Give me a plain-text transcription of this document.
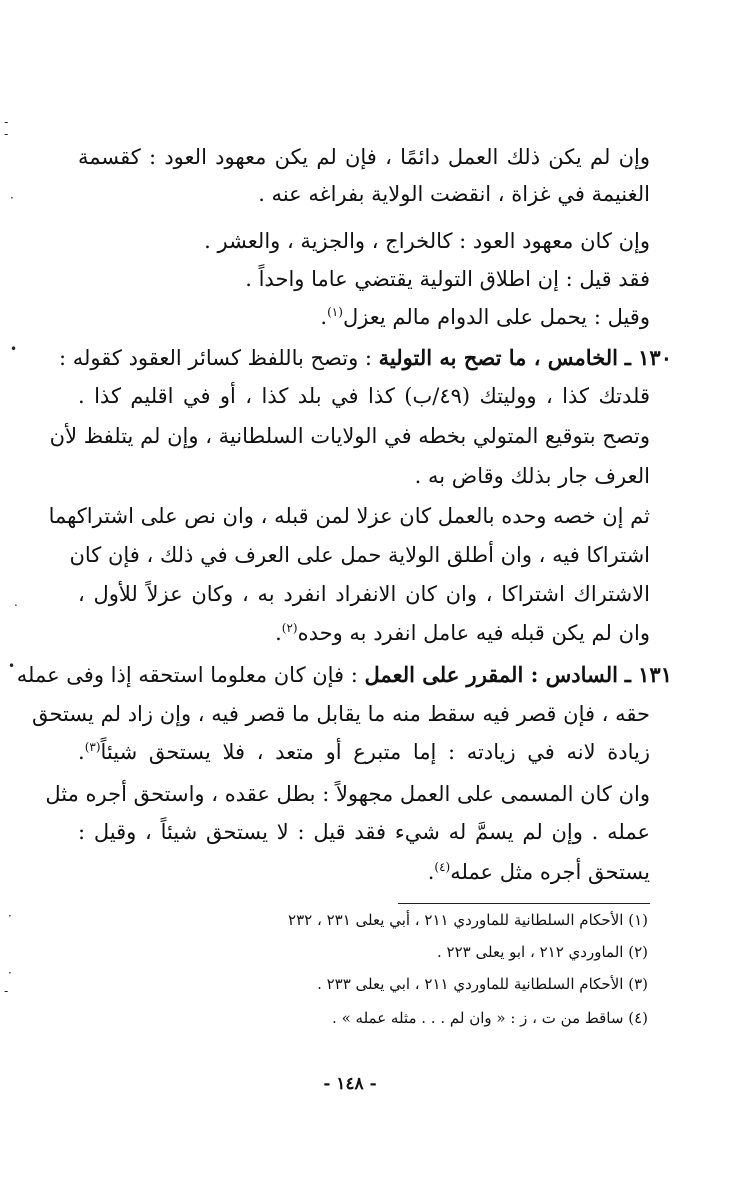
-
-
·
•
.
•
·
·
-
وإن لم يكن ذلك العمل دائمًا ، فإن لم يكن معهود العود : كقسمة
الغنيمة في غزاة ، انقضت الولاية بفراغه عنه .
وإن كان معهود العود : كالخراج ، والجزية ، والعشر .
فقد قيل : إن اطلاق التولية يقتضي عاما واحداً .
وقيل : يحمل على الدوام مالم يعزل$^{(١)}$.
١٣٠ ـ الخامس ، ما تصح به التولية : وتصح باللفظ كسائر العقود كقوله :
قلدتك كذا ، ووليتك (٤٩/ب) كذا في بلد كذا ، أو في اقليم كذا .
وتصح بتوقيع المتولي بخطه في الولايات السلطانية ، وإن لم يتلفظ لأن
العرف جار بذلك وقاض به .
ثم إن خصه وحده بالعمل كان عزلا لمن قبله ، وان نص على اشتراكهما
اشتراكا فيه ، وان أطلق الولاية حمل على العرف في ذلك ، فإن كان
الاشتراك اشتراكا ، وان كان الانفراد انفرد به ، وكان عزلاً للأول ،
وان لم يكن قبله فيه عامل انفرد به وحده$^{(٢)}$.
١٣١ ـ السادس : المقرر على العمل : فإن كان معلوما استحقه إذا وفى عمله
حقه ، فإن قصر فيه سقط منه ما يقابل ما قصر فيه ، وإن زاد لم يستحق
زيادة لانه في زيادته : إما متبرع أو متعد ، فلا يستحق شيئاً$^{(٣)}$.
وان كان المسمى على العمل مجهولاً : بطل عقده ، واستحق أجره مثل
عمله . وإن لم يسمَّ له شيء فقد قيل : لا يستحق شيئاً ، وقيل :
يستحق أجره مثل عمله$^{(٤)}$.
(١) الأحكام السلطانية للماوردي ٢١١ ، أبي يعلى ٢٣١ ، ٢٣٢
(٢) الماوردي ٢١٢ ، ابو يعلى ٢٢٣ .
(٣) الأحكام السلطانية للماوردي ٢١١ ، ابي يعلى ٢٣٣ .
(٤) ساقط من ت ، ز : « وان لم . . . مثله عمله » .
- ١٤٨ -
